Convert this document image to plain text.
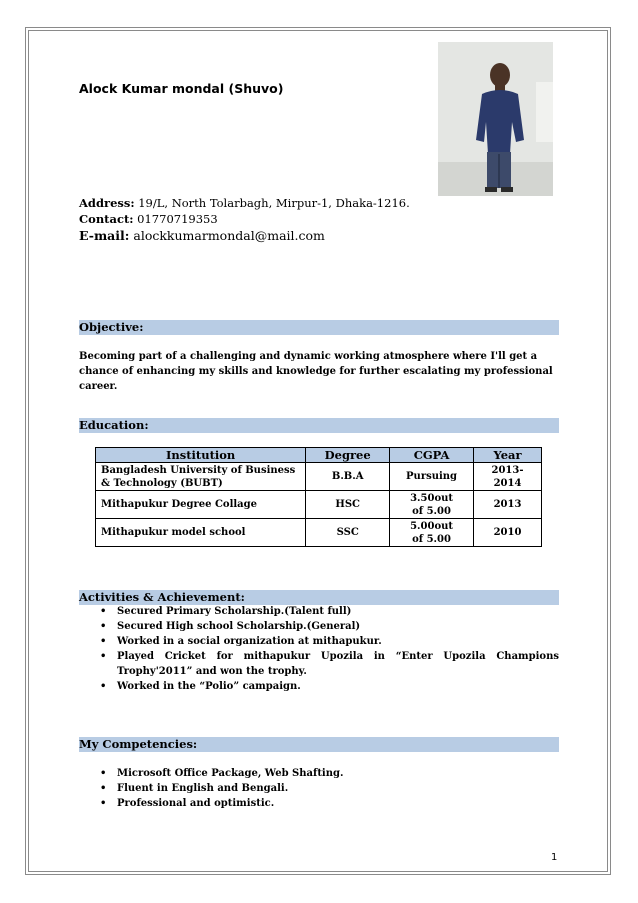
Alock Kumar mondal (Shuvo)
Address: 19/L, North Tolarbagh, Mirpur-1, Dhaka-1216.
Contact: 01770719353
E-mail: alockkumarmondal@mail.com
Objective:
Becoming part of a challenging and dynamic working atmosphere where I'll get a chance of enhancing my skills and knowledge for further escalating my professional career.
Education:
Institution	Degree	CGPA	Year
Bangladesh University of Business & Technology (BUBT)	B.B.A	Pursuing	2013-2014
Mithapukur Degree Collage	HSC	3.50out of 5.00	2013
Mithapukur model school	SSC	5.00out of 5.00	2010
Activities & Achievement:
• Secured Primary Scholarship.(Talent full)
• Secured High school Scholarship.(General)
• Worked in a social organization at mithapukur.
• Played Cricket for mithapukur Upozila in “Enter Upozila Champions
Trophy'2011” and won the trophy.
• Worked in the “Polio” campaign.
My Competencies:
• Microsoft Office Package, Web Shafting.
• Fluent in English and Bengali.
• Professional and optimistic.
1
